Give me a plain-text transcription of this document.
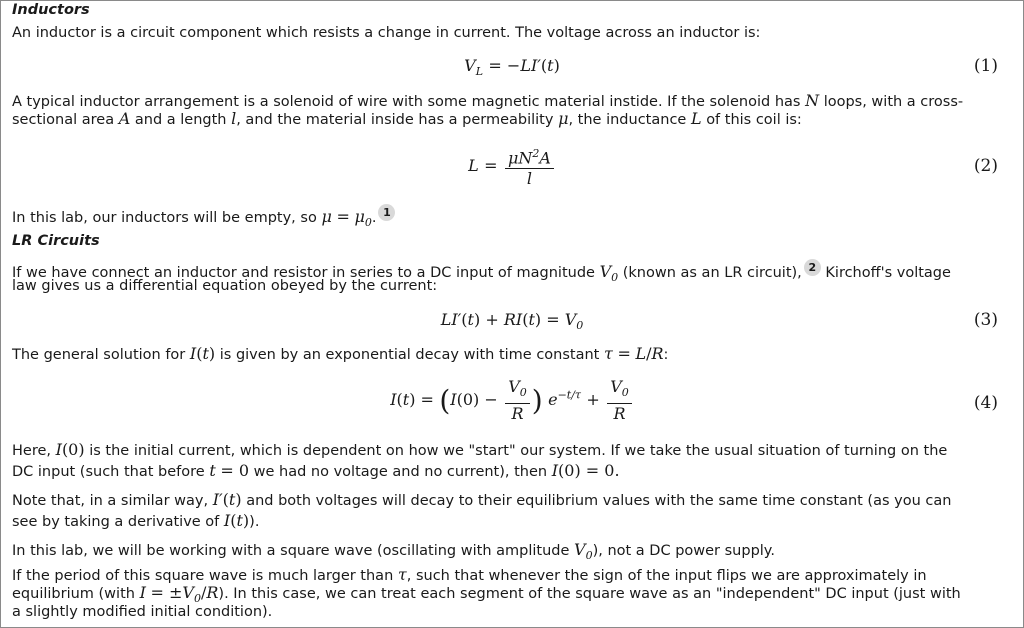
Inductors
An inductor is a circuit component which resists a change in current. The voltage across an inductor is:
$V_L = -LI'(t)$	(1)
A typical inductor arrangement is a solenoid of wire with some magnetic material instide. If the solenoid has N loops, with a cross-
sectional area A and a length l, and the material inside has a permeability μ, the inductance L of this coil is:
$L = \frac{\mu N^2A}{l}$	(2)
In this lab, our inductors will be empty, so $\mu = \mu_0$. 1
LR Circuits
If we have connect an inductor and resistor in series to a DC input of magnitude $V_0$ (known as an LR circuit), 2 Kirchoff's voltage
law gives us a differential equation obeyed by the current:
$LI'(t) + RI(t) = V_0$	(3)
The general solution for I(t) is given by an exponential decay with time constant τ = L/R:
$I(t) = (I(0) - \frac{V_0}{R}$ ) $e^{-t/\tau} + \frac{V_0}{R}$	(4)
Here, I(0) is the initial current, which is dependent on how we "start" our system. If we take the usual situation of turning on the
DC input (such that before t = 0 we had no voltage and no current), then I(0) = 0.
Note that, in a similar way, I′(t) and both voltages will decay to their equilibrium values with the same time constant (as you can
see by taking a derivative of I(t)).
In this lab, we will be working with a square wave (oscillating with amplitude $V_0$), not a DC power supply.
If the period of this square wave is much larger than τ, such that whenever the sign of the input flips we are approximately in
equilibrium (with $I = \pm V_0/R$). In this case, we can treat each segment of the square wave as an "independent" DC input (just with
a slightly modified initial condition).
